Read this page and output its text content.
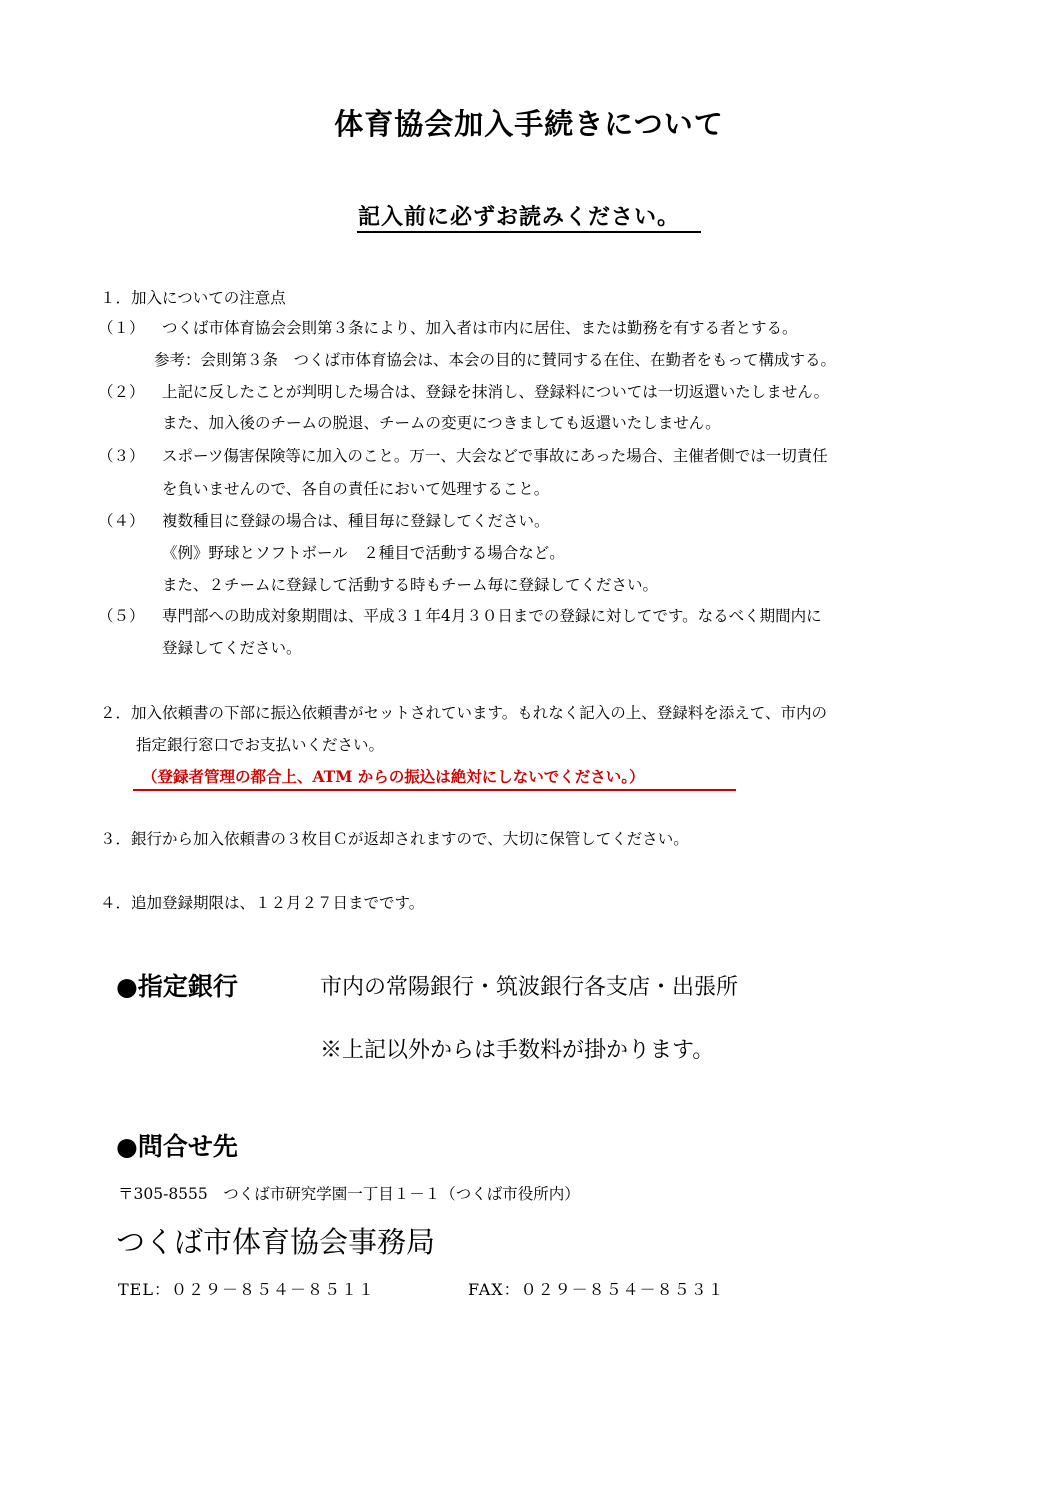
体育協会加入手続きについて
記入前に必ずお読みください。
１．加入についての注意点
（１） つくば市体育協会会則第３条により、加入者は市内に居住、または勤務を有する者とする。
参考：会則第３条　つくば市体育協会は、本会の目的に賛同する在住、在勤者をもって構成する。
（２） 上記に反したことが判明した場合は、登録を抹消し、登録料については一切返還いたしません。
また、加入後のチームの脱退、チームの変更につきましても返還いたしません。
（３） スポーツ傷害保険等に加入のこと。万一、大会などで事故にあった場合、主催者側では一切責任
を負いませんので、各自の責任において処理すること。
（４） 複数種目に登録の場合は、種目毎に登録してください。
《例》野球とソフトボール　２種目で活動する場合など。
また、２チームに登録して活動する時もチーム毎に登録してください。
（５） 専門部への助成対象期間は、平成３１年4月３０日までの登録に対してです。なるべく期間内に
登録してください。
２．加入依頼書の下部に振込依頼書がセットされています。もれなく記入の上、登録料を添えて、市内の
指定銀行窓口でお支払いください。
（登録者管理の都合上、ATM からの振込は絶対にしないでください。）
３．銀行から加入依頼書の３枚目Ｃが返却されますので、大切に保管してください。
４．追加登録期限は、１２月２７日までです。
●指定銀行	市内の常陽銀行・筑波銀行各支店・出張所
※上記以外からは手数料が掛かります。
●問合せ先
〒305-8555　つくば市研究学園一丁目１－１（つくば市役所内）
つくば市体育協会事務局
TEL：０２９－８５４－８５１１	FAX：０２９－８５４－８５３１
